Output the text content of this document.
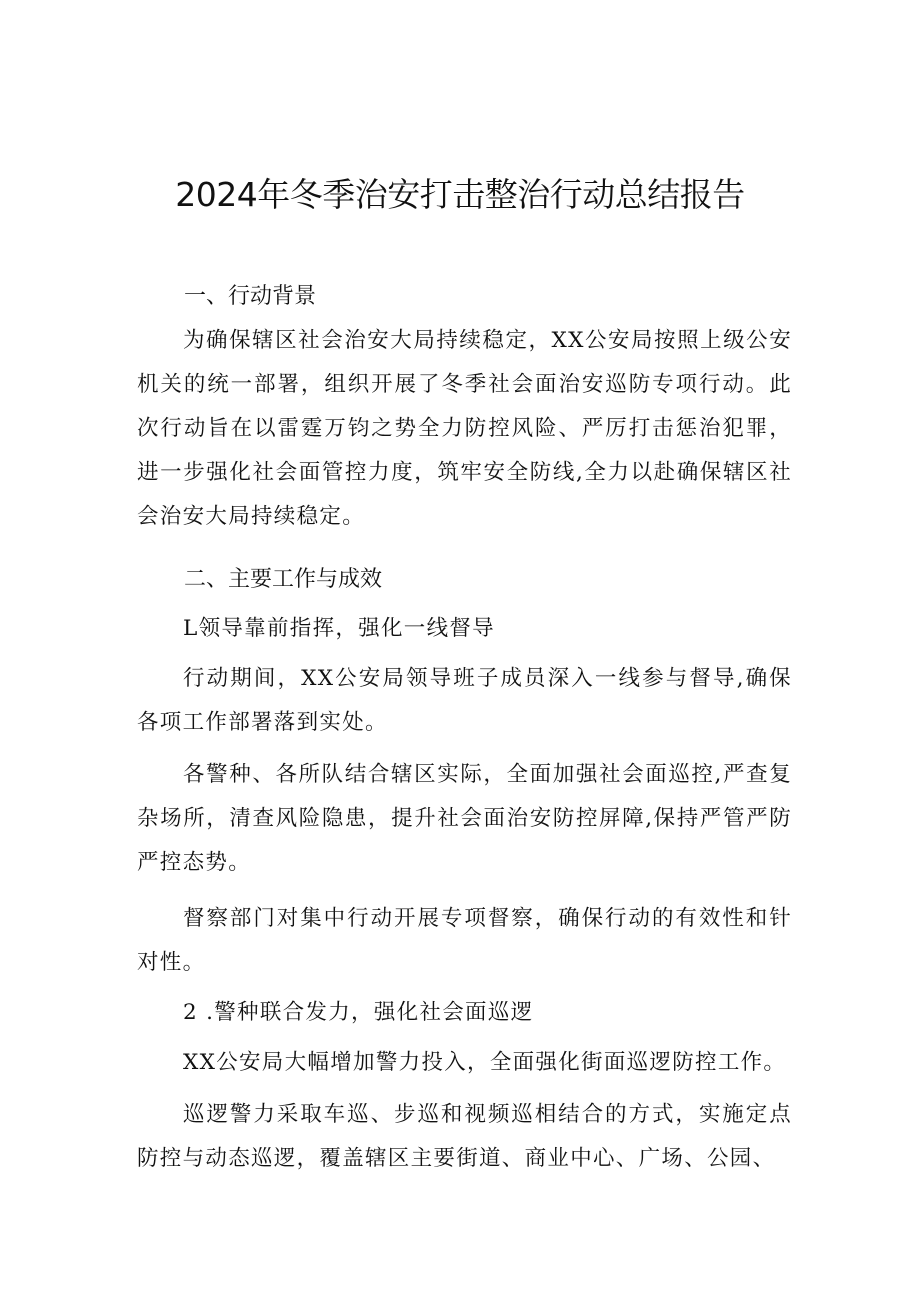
2024年冬季治安打击整治行动总结报告
一、行动背景

为确保辖区社会治安大局持续稳定，XX公安局按照上级公安机关的统一部署，组织开展了冬季社会面治安巡防专项行动。此次行动旨在以雷霆万钧之势全力防控风险、严厉打击惩治犯罪，进一步强化社会面管控力度，筑牢安全防线,全力以赴确保辖区社会治安大局持续稳定。

二、主要工作与成效
L领导靠前指挥，强化一线督导

行动期间，XX公安局领导班子成员深入一线参与督导,确保各项工作部署落到实处。

各警种、各所队结合辖区实际，全面加强社会面巡控,严查复杂场所，清查风险隐患，提升社会面治安防控屏障,保持严管严防严控态势。

督察部门对集中行动开展专项督察，确保行动的有效性和针对性。

2 .警种联合发力，强化社会面巡逻

XX公安局大幅增加警力投入，全面强化街面巡逻防控工作。

巡逻警力采取车巡、步巡和视频巡相结合的方式，实施定点防控与动态巡逻，覆盖辖区主要街道、商业中心、广场、公园、
